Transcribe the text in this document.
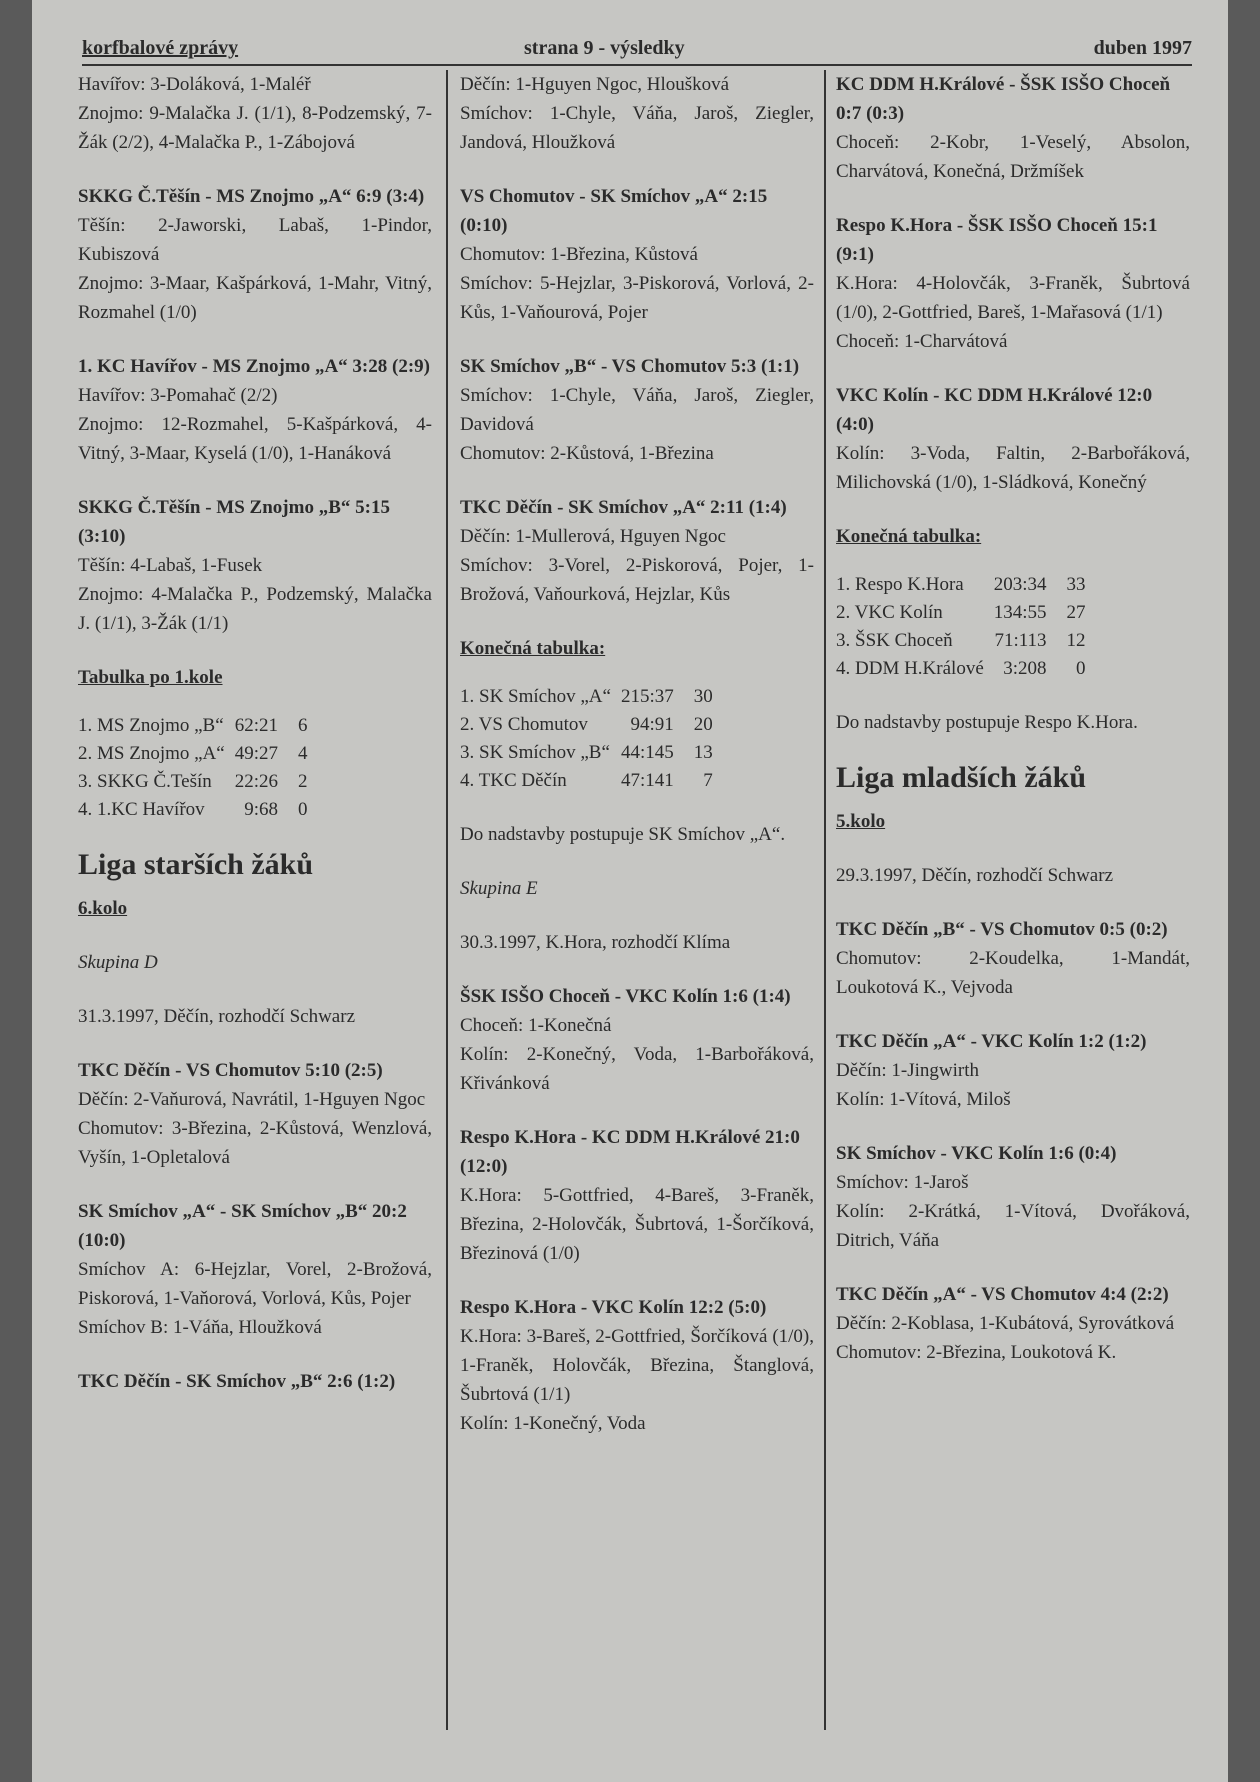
korfbalové zprávy	strana 9 - výsledky	duben 1997

Havířov: 3-Doláková, 1-Maléř

Znojmo: 9-Malačka J. (1/1), 8-Podzemský, 7-Žák (2/2), 4-Malačka P., 1-Zábojová

SKKG Č.Těšín - MS Znojmo „A“ 6:9 (3:4)

Těšín: 2-Jaworski, Labaš, 1-Pindor, Kubiszová

Znojmo: 3-Maar, Kašpárková, 1-Mahr, Vitný, Rozmahel (1/0)

1. KC Havířov - MS Znojmo „A“ 3:28 (2:9)

Havířov: 3-Pomahač (2/2)

Znojmo: 12-Rozmahel, 5-Kašpárková, 4-Vitný, 3-Maar, Kyselá (1/0), 1-Hanáková

SKKG Č.Těšín - MS Znojmo „B“ 5:15 (3:10)

Těšín: 4-Labaš, 1-Fusek

Znojmo: 4-Malačka P., Podzemský, Malačka J. (1/1), 3-Žák (1/1)

Tabulka po 1.kole

1. MS Znojmo „B“	62:21	6
2. MS Znojmo „A“	49:27	4
3. SKKG Č.Tešín	22:26	2
4. 1.KC Havířov	9:68	0
Liga starších žáků

6.kolo

Skupina D

31.3.1997, Děčín, rozhodčí Schwarz

TKC Děčín - VS Chomutov 5:10 (2:5)

Děčín: 2-Vaňurová, Navrátil, 1-Hguyen Ngoc

Chomutov: 3-Březina, 2-Kůstová, Wenzlová, Vyšín, 1-Opletalová

SK Smíchov „A“ - SK Smíchov „B“ 20:2 (10:0)

Smíchov A: 6-Hejzlar, Vorel, 2-Brožová, Piskorová, 1-Vaňorová, Vorlová, Kůs, Pojer

Smíchov B: 1-Váňa, Hloužková

TKC Děčín - SK Smíchov „B“ 2:6 (1:2)

Děčín: 1-Hguyen Ngoc, Hloušková

Smíchov: 1-Chyle, Váňa, Jaroš, Ziegler, Jandová, Hloužková

VS Chomutov - SK Smíchov „A“ 2:15 (0:10)

Chomutov: 1-Březina, Kůstová

Smíchov: 5-Hejzlar, 3-Piskorová, Vorlová, 2-Kůs, 1-Vaňourová, Pojer

SK Smíchov „B“ - VS Chomutov 5:3 (1:1)

Smíchov: 1-Chyle, Váňa, Jaroš, Ziegler, Davidová

Chomutov: 2-Kůstová, 1-Březina

TKC Děčín - SK Smíchov „A“ 2:11 (1:4)

Děčín: 1-Mullerová, Hguyen Ngoc

Smíchov: 3-Vorel, 2-Piskorová, Pojer, 1-Brožová, Vaňourková, Hejzlar, Kůs

Konečná tabulka:

1. SK Smíchov „A“	215:37	30
2. VS Chomutov	94:91	20
3. SK Smíchov „B“	44:145	13
4. TKC Děčín	47:141	7

Do nadstavby postupuje SK Smíchov „A“.

Skupina E

30.3.1997, K.Hora, rozhodčí Klíma

ŠSK ISŠO Choceň - VKC Kolín 1:6 (1:4)

Choceň: 1-Konečná

Kolín: 2-Konečný, Voda, 1-Barbořáková, Křivánková

Respo K.Hora - KC DDM H.Králové 21:0 (12:0)

K.Hora: 5-Gottfried, 4-Bareš, 3-Franěk, Březina, 2-Holovčák, Šubrtová, 1-Šorčíková, Březinová (1/0)

Respo K.Hora - VKC Kolín 12:2 (5:0)

K.Hora: 3-Bareš, 2-Gottfried, Šorčíková (1/0), 1-Franěk, Holovčák, Březina, Štanglová, Šubrtová (1/1)

Kolín: 1-Konečný, Voda

KC DDM H.Králové - ŠSK ISŠO Choceň 0:7 (0:3)

Choceň: 2-Kobr, 1-Veselý, Absolon, Charvátová, Konečná, Držmíšek

Respo K.Hora - ŠSK ISŠO Choceň 15:1 (9:1)

K.Hora: 4-Holovčák, 3-Franěk, Šubrtová (1/0), 2-Gottfried, Bareš, 1-Mařasová (1/1)

Choceň: 1-Charvátová

VKC Kolín - KC DDM H.Králové 12:0 (4:0)

Kolín: 3-Voda, Faltin, 2-Barbořáková, Milichovská (1/0), 1-Sládková, Konečný

Konečná tabulka:

1. Respo K.Hora	203:34	33
2. VKC Kolín	134:55	27
3. ŠSK Choceň	71:113	12
4. DDM H.Králové	3:208	0

Do nadstavby postupuje Respo K.Hora.

Liga mladších žáků

5.kolo

29.3.1997, Děčín, rozhodčí Schwarz

TKC Děčín „B“ - VS Chomutov 0:5 (0:2)

Chomutov: 2-Koudelka, 1-Mandát, Loukotová K., Vejvoda

TKC Děčín „A“ - VKC Kolín 1:2 (1:2)

Děčín: 1-Jingwirth

Kolín: 1-Vítová, Miloš

SK Smíchov - VKC Kolín 1:6 (0:4)

Smíchov: 1-Jaroš

Kolín: 2-Krátká, 1-Vítová, Dvořáková, Ditrich, Váňa

TKC Děčín „A“ - VS Chomutov 4:4 (2:2)

Děčín: 2-Koblasa, 1-Kubátová, Syrovátková

Chomutov: 2-Březina, Loukotová K.
